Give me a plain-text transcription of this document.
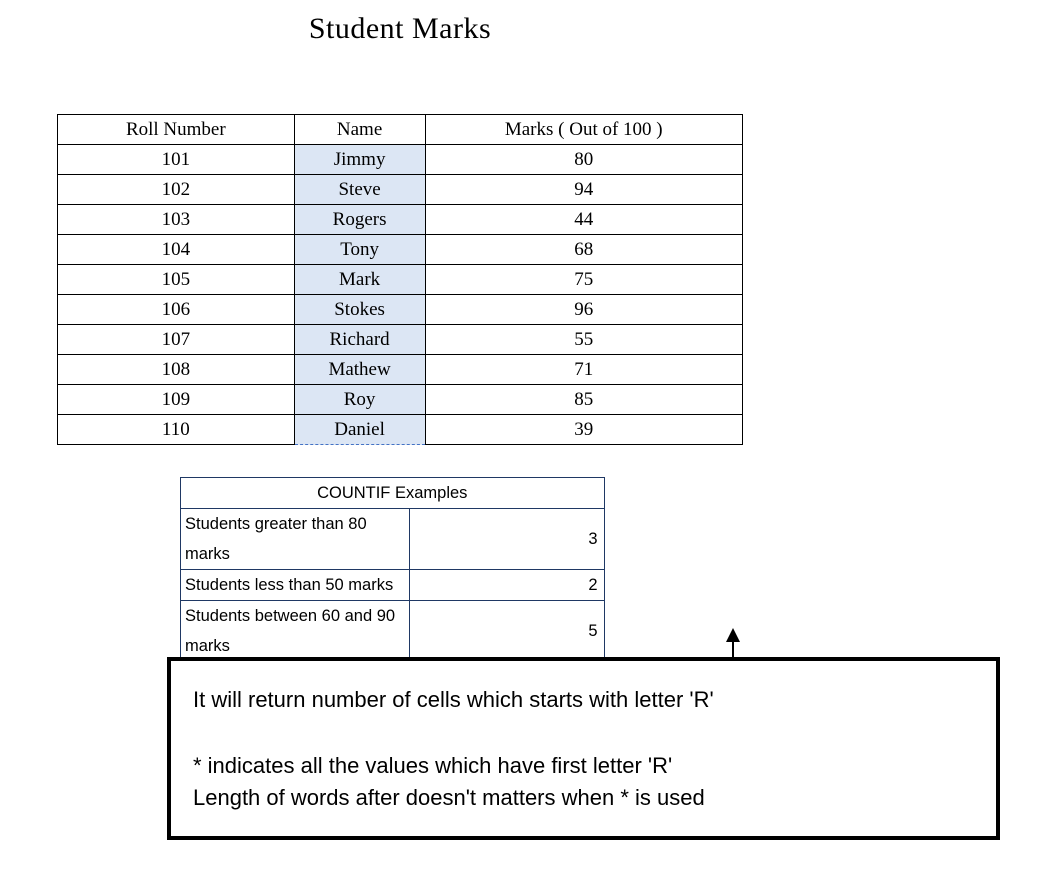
Student Marks
Roll Number	Name	Marks ( Out of 100 )
101	Jimmy	80
102	Steve	94
103	Rogers	44
104	Tony	68
105	Mark	75
106	Stokes	96
107	Richard	55
108	Mathew	71
109	Roy	85
110	Daniel	39
COUNTIF Examples	
Students greater than 80 marks	3
Students less than 50 marks	2
Students between 60 and 90 marks	5

It will return number of cells which starts with letter 'R'
* indicates all the values which have first letter 'R'
Length of words after doesn't matters when * is used
